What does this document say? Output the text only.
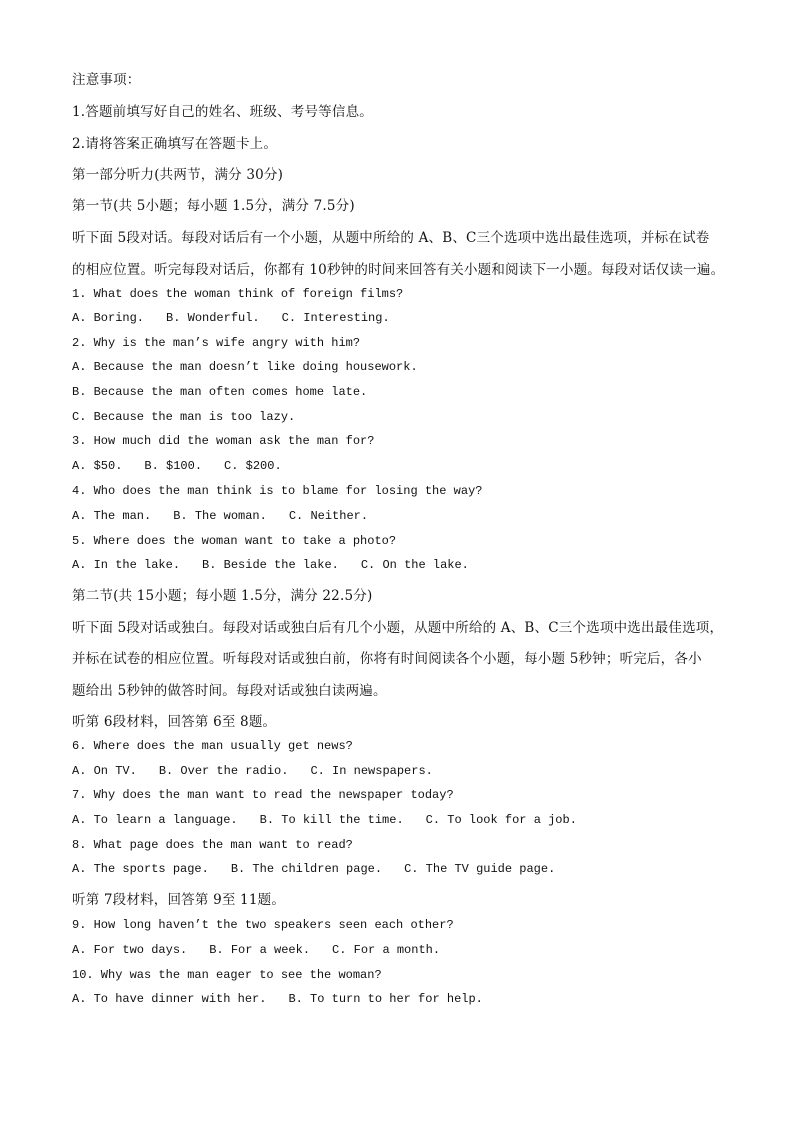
注意事项：
1.答题前填写好自己的姓名、班级、考号等信息。
2.请将答案正确填写在答题卡上。
第一部分听力(共两节，满分 30分)
第一节(共 5小题；每小题 1.5分，满分 7.5分)
听下面 5段对话。每段对话后有一个小题，从题中所给的 A、B、C三个选项中选出最佳选项，并标在试卷
的相应位置。听完每段对话后，你都有 10秒钟的时间来回答有关小题和阅读下一小题。每段对话仅读一遍。
1. What does the woman think of foreign films?
A. Boring. B. Wonderful. C. Interesting.
2. Why is the man’s wife angry with him?
A. Because the man doesn’t like doing housework.
B. Because the man often comes home late.
C. Because the man is too lazy.
3. How much did the woman ask the man for?
A. $50. B. $100. C. $200.
4. Who does the man think is to blame for losing the way?
A. The man. B. The woman. C. Neither.
5. Where does the woman want to take a photo?
A. In the lake. B. Beside the lake. C. On the lake.
第二节(共 15小题；每小题 1.5分，满分 22.5分)
听下面 5段对话或独白。每段对话或独白后有几个小题，从题中所给的 A、B、C三个选项中选出最佳选项，
并标在试卷的相应位置。听每段对话或独白前，你将有时间阅读各个小题，每小题 5秒钟；听完后，各小
题给出 5秒钟的做答时间。每段对话或独白读两遍。
听第 6段材料，回答第 6至 8题。
6. Where does the man usually get news?
A. On TV. B. Over the radio. C. In newspapers.
7. Why does the man want to read the newspaper today?
A. To learn a language. B. To kill the time. C. To look for a job.
8. What page does the man want to read?
A. The sports page. B. The children page. C. The TV guide page.
听第 7段材料，回答第 9至 11题。
9. How long haven’t the two speakers seen each other?
A. For two days. B. For a week. C. For a month.
10. Why was the man eager to see the woman?
A. To have dinner with her. B. To turn to her for help.
